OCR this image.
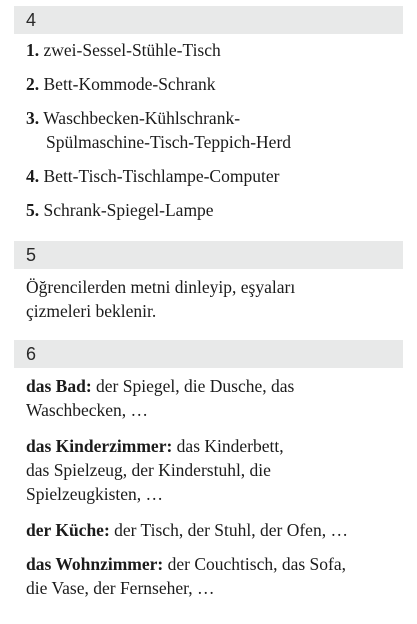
4
1. zwei-Sessel-Stühle-Tisch
2. Bett-Kommode-Schrank
3. Waschbecken-Kühlschrank-
Spülmaschine-Tisch-Teppich-Herd
4. Bett-Tisch-Tischlampe-Computer
5. Schrank-Spiegel-Lampe
5
Öğrencilerden metni dinleyip, eşyaları
çizmeleri beklenir.
6
das Bad: der Spiegel, die Dusche, das
Waschbecken, …
das Kinderzimmer: das Kinderbett,
das Spielzeug, der Kinderstuhl, die
Spielzeugkisten, …
der Küche: der Tisch, der Stuhl, der Ofen, …
das Wohnzimmer: der Couchtisch, das Sofa,
die Vase, der Fernseher, …
